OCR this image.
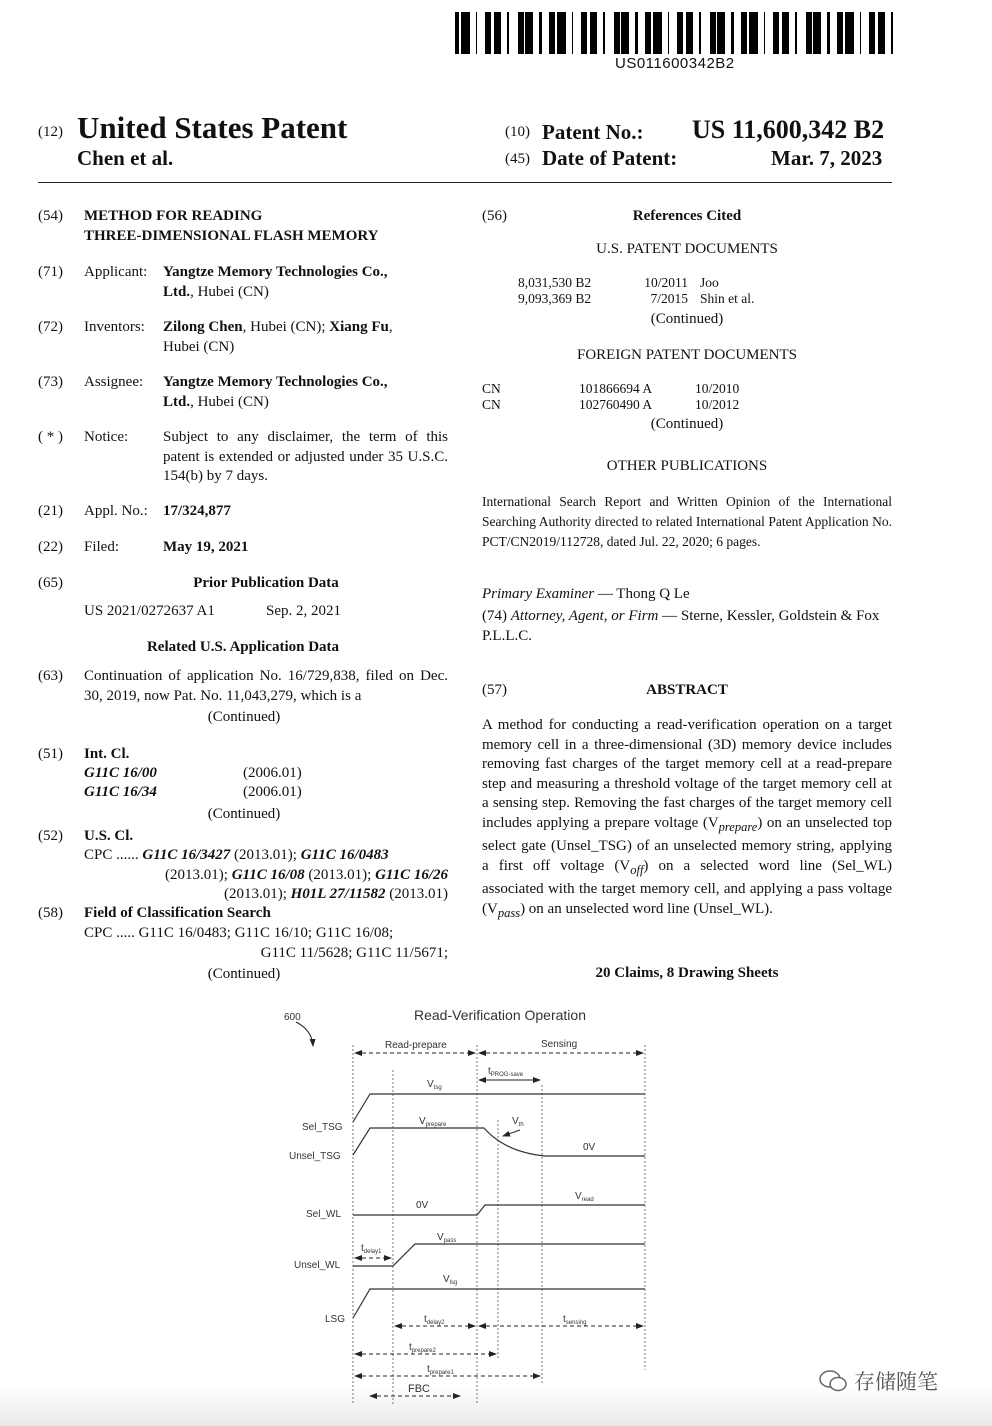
US011600342B2
(12) United States Patent
Chen et al.
(10) Patent No.: US 11,600,342 B2
(45) Date of Patent:	Mar. 7, 2023
(54) METHOD FOR READING
THREE-DIMENSIONAL FLASH MEMORY
(71) Applicant: Yangtze Memory Technologies Co.,
Ltd., Hubei (CN)
(72) Inventors: Zilong Chen, Hubei (CN); Xiang Fu,
Hubei (CN)
(73) Assignee: Yangtze Memory Technologies Co.,
Ltd., Hubei (CN)
( * ) Notice: Subject to any disclaimer, the term of this patent is extended or adjusted under 35 U.S.C. 154(b) by 7 days.
(21) Appl. No.: 17/324,877
(22) Filed:	May 19, 2021
(65)	Prior Publication Data
US 2021/0272637 A1	Sep. 2, 2021
Related U.S. Application Data
(63) Continuation of application No. 16/729,838, filed on Dec. 30, 2019, now Pat. No. 11,043,279, which is a
(Continued)
(51) Int. Cl.
G11C 16/00	(2006.01)
G11C 16/34	(2006.01)
(Continued)
(52) U.S. Cl.
CPC ...... G11C 16/3427 (2013.01); G11C 16/0483
(2013.01); G11C 16/08 (2013.01); G11C 16/26
(2013.01); H01L 27/11582 (2013.01)
(58) Field of Classification Search
CPC ..... G11C 16/0483; G11C 16/10; G11C 16/08;
G11C 11/5628; G11C 11/5671;
(Continued)
(56)	References Cited
U.S. PATENT DOCUMENTS
8,031,530 B2	10/2011 Joo
9,093,369 B2	7/2015 Shin et al.
(Continued)
FOREIGN PATENT DOCUMENTS
CN	101866694 A	10/2010
CN	102760490 A	10/2012
(Continued)
OTHER PUBLICATIONS
International Search Report and Written Opinion of the International Searching Authority directed to related International Patent Application No. PCT/CN2019/112728, dated Jul. 22, 2020; 6 pages.
Primary Examiner — Thong Q Le
(74) Attorney, Agent, or Firm — Sterne, Kessler, Goldstein & Fox P.L.L.C.
(57)	ABSTRACT
A method for conducting a read-verification operation on a target memory cell in a three-dimensional (3D) memory device includes removing fast charges of the target memory cell at a read-prepare step and measuring a threshold voltage of the target memory cell at a sensing step. Removing the fast charges of the target memory cell includes applying a prepare voltage $(V_{prepare})$ on an unselected top select gate (Unsel_TSG) of an unselected memory string, applying a first off voltage $(V_{off})$ on a selected word line (Sel_WL) associated with the target memory cell, and applying a pass voltage $(V_{pass})$ on an unselected word line (Unsel_WL).
20 Claims, 8 Drawing Sheets
600	Read-Verification Operation
Read-prepare	Sensing
Sel_TSG
Unsel_TSG
Sel_WL
Unsel_WL
LSG
0V
0V
FBC
$V_{tsg}$
$V_{prepare}$	$V_{th}$
$V_{read}$
$V_{pass}$
$V_{lsg}$
$t_{delay1}$
$t_{delay2}$	$t_{sensing}$
$t_{prepare2}$
$t_{prepare1}$
$t_{PROG-save}$
存储随笔
